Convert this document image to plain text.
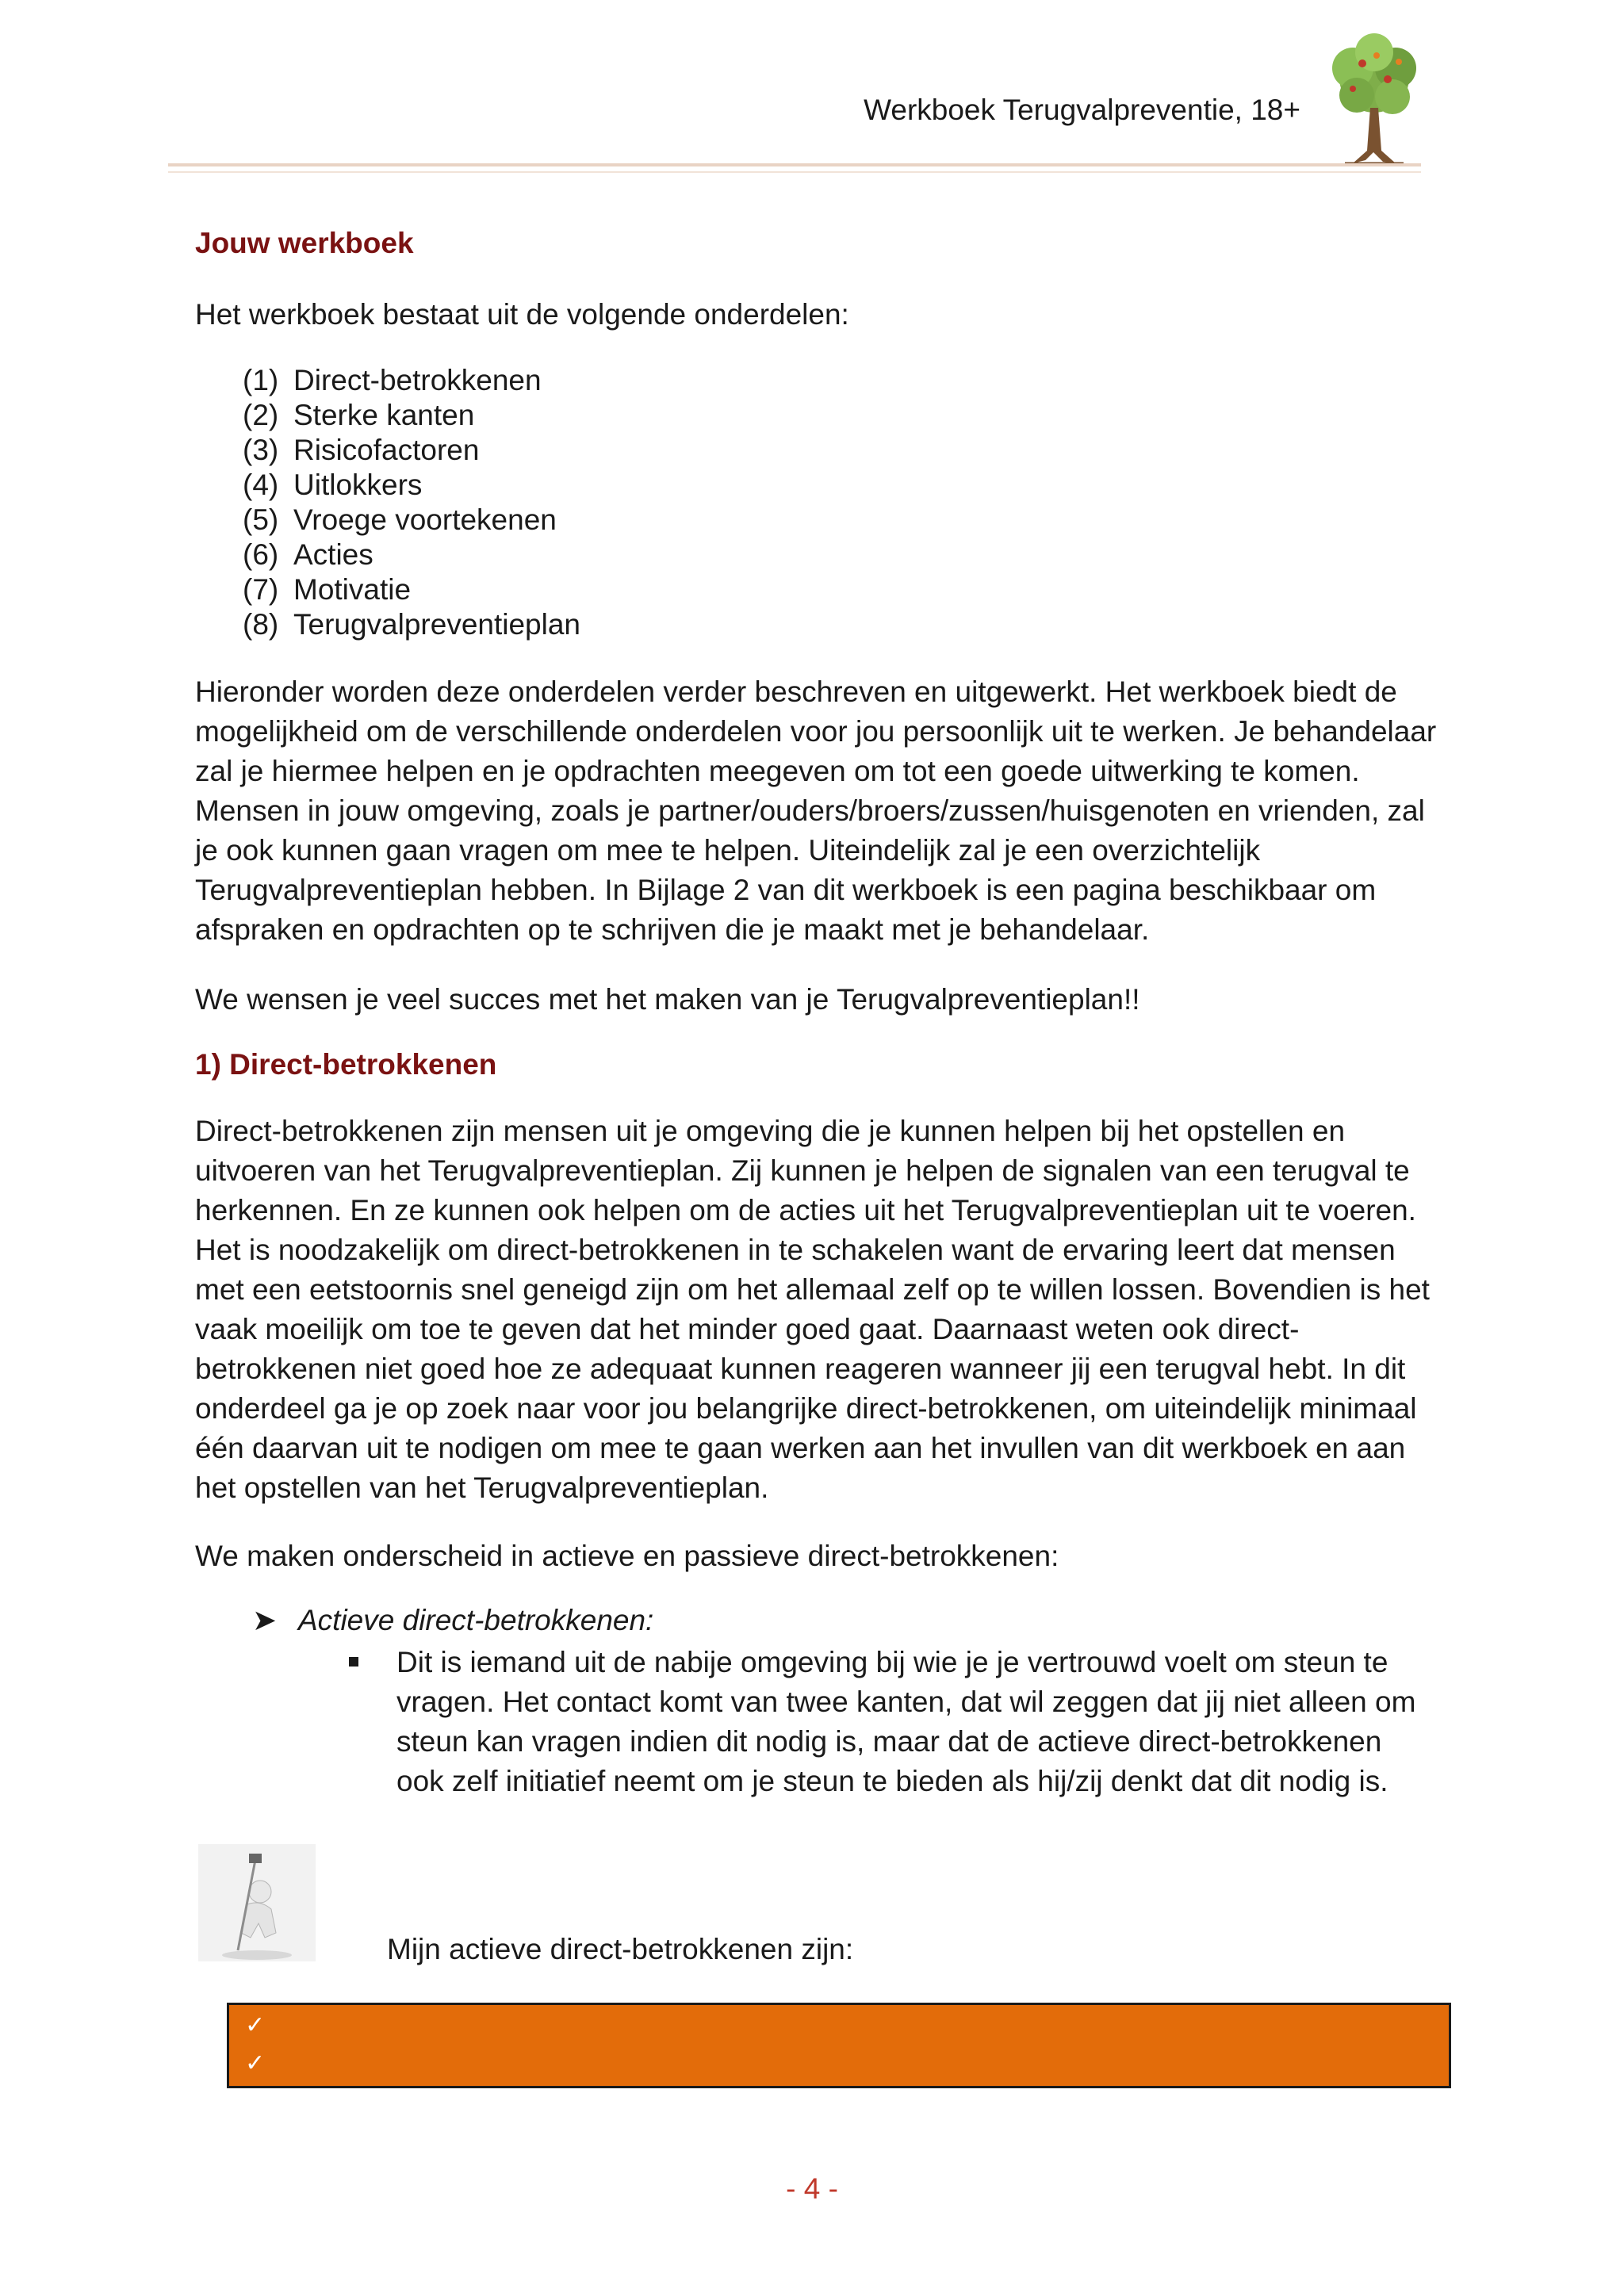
Werkboek Terugvalpreventie, 18+
Jouw werkboek
Het werkboek bestaat uit de volgende onderdelen:
(1) Direct-betrokkenen
(2) Sterke kanten
(3) Risicofactoren
(4) Uitlokkers
(5) Vroege voortekenen
(6) Acties
(7) Motivatie
(8) Terugvalpreventieplan
Hieronder worden deze onderdelen verder beschreven en uitgewerkt. Het werkboek biedt de mogelijkheid om de verschillende onderdelen voor jou persoonlijk uit te werken. Je behandelaar zal je hiermee helpen en je opdrachten meegeven om tot een goede uitwerking te komen. Mensen in jouw omgeving, zoals je partner/ouders/broers/zussen/huisgenoten en vrienden, zal je ook kunnen gaan vragen om mee te helpen. Uiteindelijk zal je een overzichtelijk Terugvalpreventieplan hebben. In Bijlage 2 van dit werkboek is een pagina beschikbaar om afspraken en opdrachten op te schrijven die je maakt met je behandelaar.
We wensen je veel succes met het maken van je Terugvalpreventieplan!!
1) Direct-betrokkenen
Direct-betrokkenen zijn mensen uit je omgeving die je kunnen helpen bij het opstellen en uitvoeren van het Terugvalpreventieplan. Zij kunnen je helpen de signalen van een terugval te herkennen. En ze kunnen ook helpen om de acties uit het Terugvalpreventieplan uit te voeren. Het is noodzakelijk om direct-betrokkenen in te schakelen want de ervaring leert dat mensen met een eetstoornis snel geneigd zijn om het allemaal zelf op te willen lossen. Bovendien is het vaak moeilijk om toe te geven dat het minder goed gaat. Daarnaast weten ook direct-betrokkenen niet goed hoe ze adequaat kunnen reageren wanneer jij een terugval hebt. In dit onderdeel ga je op zoek naar voor jou belangrijke direct-betrokkenen, om uiteindelijk minimaal één daarvan uit te nodigen om mee te gaan werken aan het invullen van dit werkboek en aan het opstellen van het Terugvalpreventieplan.
We maken onderscheid in actieve en passieve direct-betrokkenen:
➤ Actieve direct-betrokkenen:
Dit is iemand uit de nabije omgeving bij wie je je vertrouwd voelt om steun te vragen. Het contact komt van twee kanten, dat wil zeggen dat jij niet alleen om steun kan vragen indien dit nodig is, maar dat de actieve direct-betrokkenen ook zelf initiatief neemt om je steun te bieden als hij/zij denkt dat dit nodig is.
Mijn actieve direct-betrokkenen zijn:
✓
✓
- 4 -
